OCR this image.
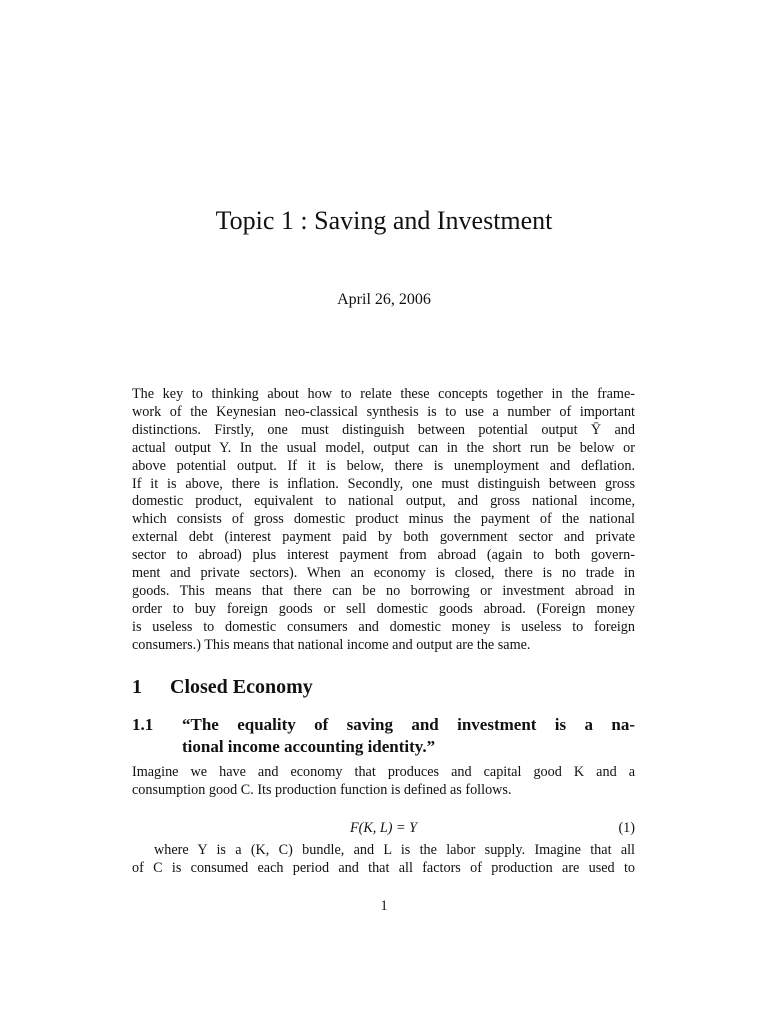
Topic 1 : Saving and Investment
April 26, 2006
The key to thinking about how to relate these concepts together in the frame-
work of the Keynesian neo-classical synthesis is to use a number of important
distinctions. Firstly, one must distinguish between potential output Ȳ and
actual output Y. In the usual model, output can in the short run be below or
above potential output. If it is below, there is unemployment and deflation.
If it is above, there is inflation. Secondly, one must distinguish between gross
domestic product, equivalent to national output, and gross national income,
which consists of gross domestic product minus the payment of the national
external debt (interest payment paid by both government sector and private
sector to abroad) plus interest payment from abroad (again to both govern-
ment and private sectors). When an economy is closed, there is no trade in
goods. This means that there can be no borrowing or investment abroad in
order to buy foreign goods or sell domestic goods abroad. (Foreign money
is useless to domestic consumers and domestic money is useless to foreign
consumers.) This means that national income and output are the same.
1 Closed Economy
1.1 “The equality of saving and investment is a na-
tional income accounting identity.”
Imagine we have and economy that produces and capital good K and a
consumption good C. Its production function is defined as follows.
F(K, L) = Y	(1)
where Y is a (K, C) bundle, and L is the labor supply. Imagine that all
of C is consumed each period and that all factors of production are used to
1
